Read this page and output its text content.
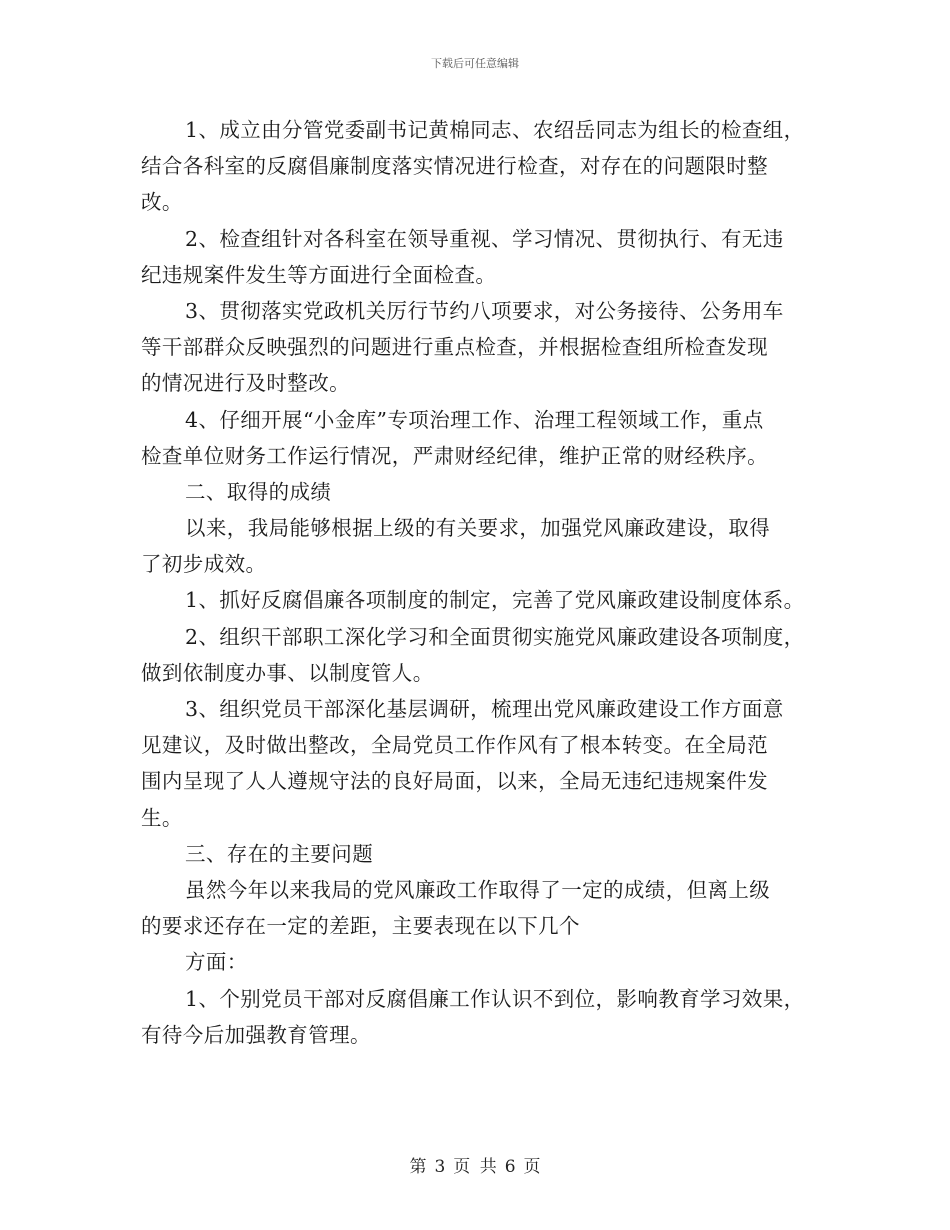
下载后可任意编辑
1、成立由分管党委副书记黄棉同志、农绍岳同志为组长的检查组，
结合各科室的反腐倡廉制度落实情况进行检查，对存在的问题限时整
改。
2、检查组针对各科室在领导重视、学习情况、贯彻执行、有无违
纪违规案件发生等方面进行全面检查。
3、贯彻落实党政机关厉行节约八项要求，对公务接待、公务用车
等干部群众反映强烈的问题进行重点检查，并根据检查组所检查发现
的情况进行及时整改。
4、仔细开展“小金库”专项治理工作、治理工程领域工作，重点
检查单位财务工作运行情况，严肃财经纪律，维护正常的财经秩序。
二、取得的成绩
以来，我局能够根据上级的有关要求，加强党风廉政建设，取得
了初步成效。
1、抓好反腐倡廉各项制度的制定，完善了党风廉政建设制度体系。
2、组织干部职工深化学习和全面贯彻实施党风廉政建设各项制度，
做到依制度办事、以制度管人。
3、组织党员干部深化基层调研，梳理出党风廉政建设工作方面意
见建议，及时做出整改，全局党员工作作风有了根本转变。在全局范
围内呈现了人人遵规守法的良好局面，以来，全局无违纪违规案件发
生。
三、存在的主要问题
虽然今年以来我局的党风廉政工作取得了一定的成绩，但离上级
的要求还存在一定的差距，主要表现在以下几个
方面：
1、个别党员干部对反腐倡廉工作认识不到位，影响教育学习效果，
有待今后加强教育管理。
第 3 页 共 6 页
